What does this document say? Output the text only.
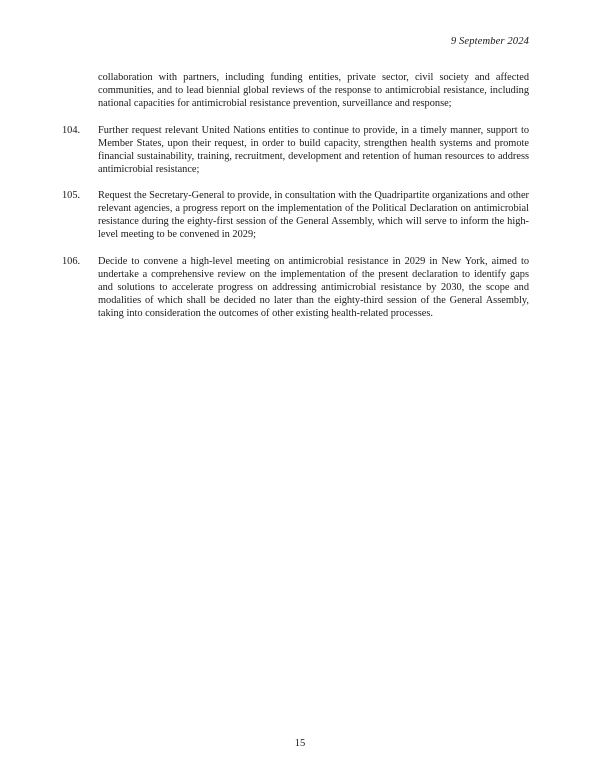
9 September 2024
collaboration with partners, including funding entities, private sector, civil society and affected communities, and to lead biennial global reviews of the response to antimicrobial resistance, including national capacities for antimicrobial resistance prevention, surveillance and response;
104.	Further request relevant United Nations entities to continue to provide, in a timely manner, support to Member States, upon their request, in order to build capacity, strengthen health systems and promote financial sustainability, training, recruitment, development and retention of human resources to address antimicrobial resistance;
105.	Request the Secretary-General to provide, in consultation with the Quadripartite organizations and other relevant agencies, a progress report on the implementation of the Political Declaration on antimicrobial resistance during the eighty-first session of the General Assembly, which will serve to inform the high-level meeting to be convened in 2029;
106.	Decide to convene a high-level meeting on antimicrobial resistance in 2029 in New York, aimed to undertake a comprehensive review on the implementation of the present declaration to identify gaps and solutions to accelerate progress on addressing antimicrobial resistance by 2030, the scope and modalities of which shall be decided no later than the eighty-third session of the General Assembly, taking into consideration the outcomes of other existing health-related processes.
15
